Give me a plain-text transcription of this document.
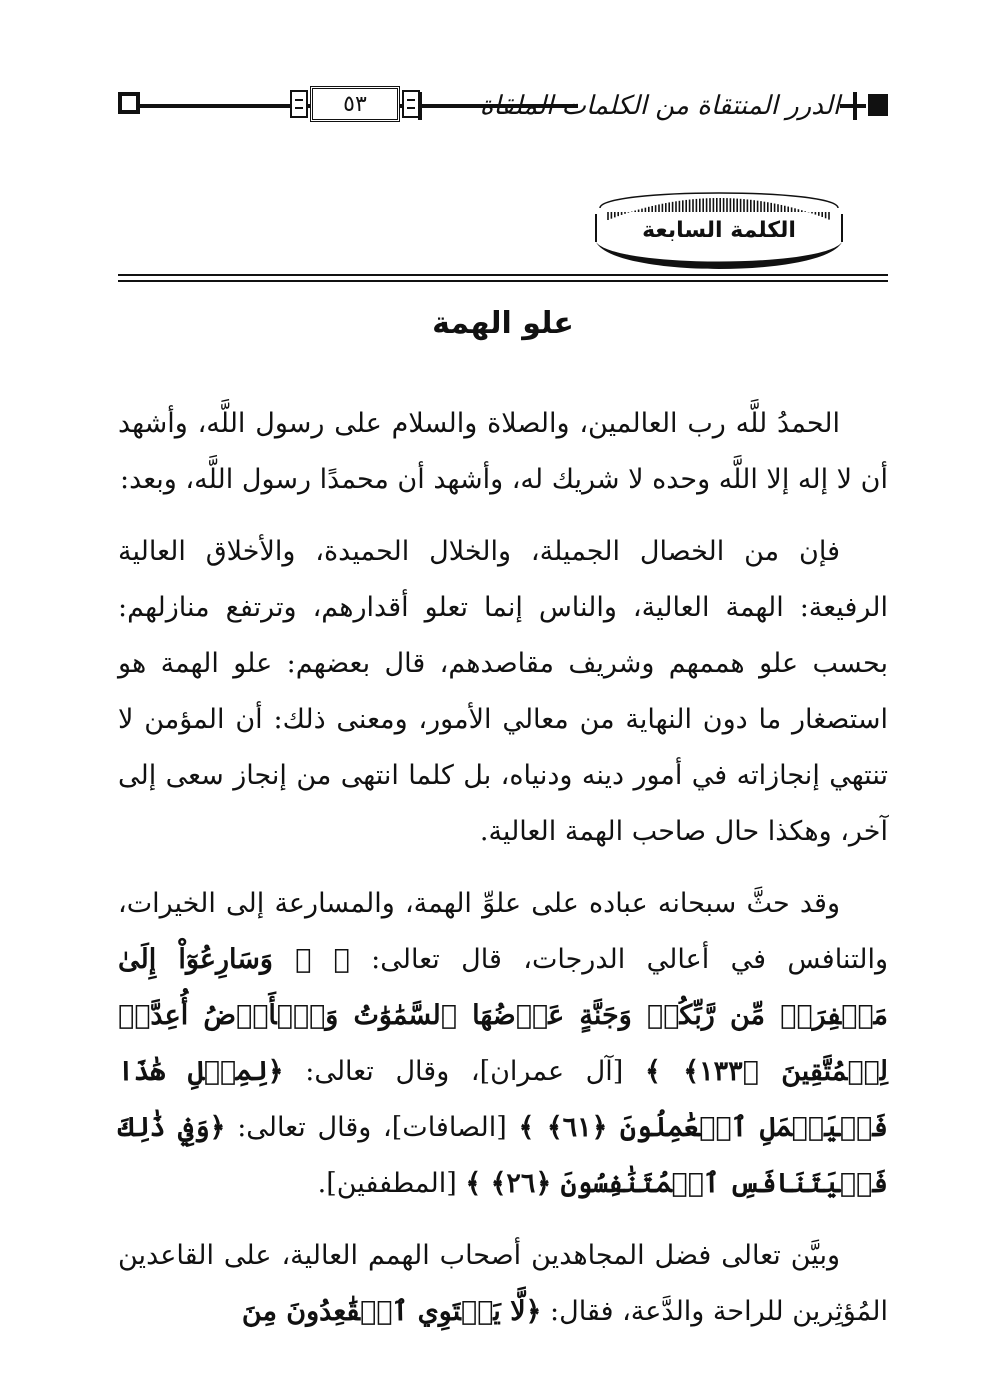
٥٣	الدرر المنتقاة من الكلمات الملقاة
الكلمة السابعة
علو الهمة

الحمدُ للَّه رب العالمين، والصلاة والسلام على رسول اللَّه، وأشهد أن لا إله إلا اللَّه وحده لا شريك له، وأشهد أن محمدًا رسول اللَّه، وبعد:

فإن من الخصال الجميلة، والخلال الحميدة، والأخلاق العالية الرفيعة: الهمة العالية، والناس إنما تعلو أقدارهم، وترتفع منازلهم: بحسب علو هممهم وشريف مقاصدهم، قال بعضهم: علو الهمة هو استصغار ما دون النهاية من معالي الأمور، ومعنى ذلك: أن المؤمن لا تنتهي إنجازاته في أمور دينه ودنياه، بل كلما انتهى من إنجاز سعى إلى آخر، وهكذا حال صاحب الهمة العالية.

وقد حثَّ سبحانه عباده على علوِّ الهمة، والمسارعة إلى الخيرات، والتنافس في أعالي الدرجات، قال تعالى: ﴿ ۞ وَسَارِعُوٓاْ إِلَىٰ مَغۡفِرَةٖ مِّن رَّبِّكُمۡ وَجَنَّةٍ عَرۡضُهَا ٱلسَّمَٰوَٰتُ وَٱلۡأَرۡضُ أُعِدَّتۡ لِلۡمُتَّقِينَ ﴿١٣٣﴾ ﴾ [آل عمران]، وقال تعالى: ﴿لِمِثۡلِ هَٰذَا فَلۡيَعۡمَلِ ٱلۡعَٰمِلُونَ ﴿٦١﴾ ﴾ [الصافات]، وقال تعالى: ﴿وَفِي ذَٰلِكَ فَلۡيَتَنَافَسِ ٱلۡمُتَنَٰفِسُونَ ﴿٢٦﴾ ﴾ [المطففين].

وبيَّن تعالى فضل المجاهدين أصحاب الهمم العالية، على القاعدين المُؤثِرين للراحة والدَّعة، فقال: ﴿لَّا يَسۡتَوِي ٱلۡقَٰعِدُونَ مِنَ
